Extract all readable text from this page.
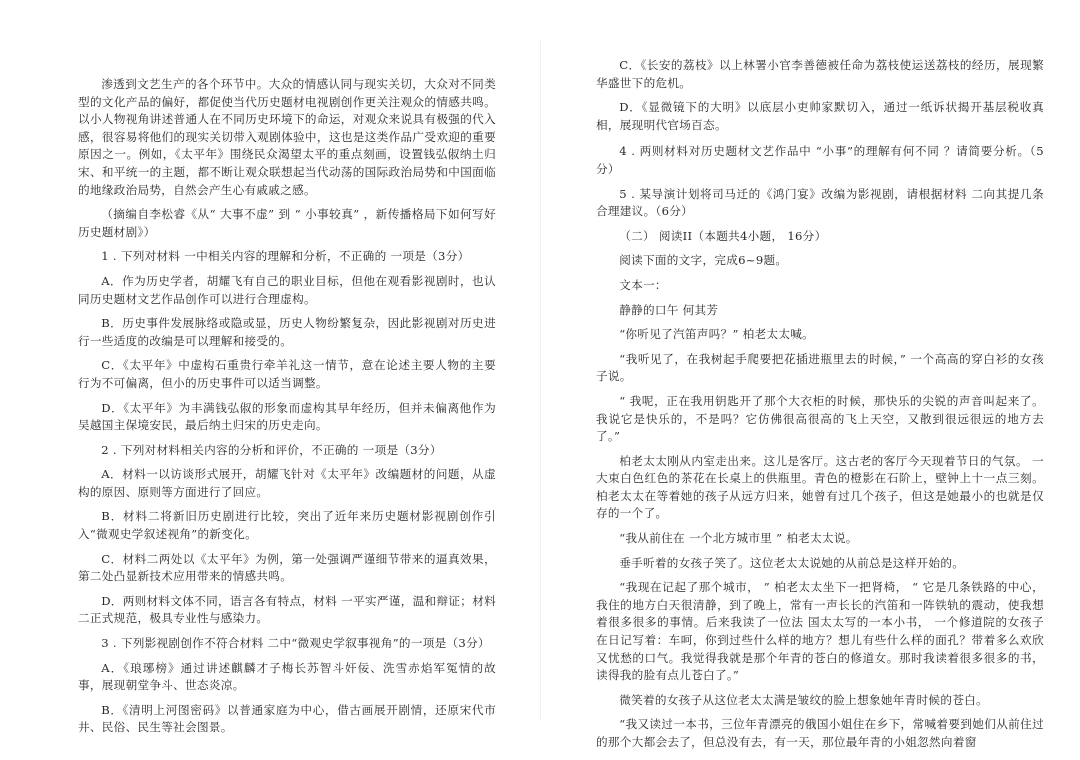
渗透到文艺生产的各个环节中。大众的情感认同与现实关切，大众对不同类型的文化产品的偏好，都促使当代历史题材电视剧创作更关注观众的情感共鸣。以小人物视角讲述普通人在不同历史环境下的命运，对观众来说具有极强的代入感，很容易将他们的现实关切带入观剧体验中，这也是这类作品广受欢迎的重要原因之一。例如，《太平年》围绕民众渴望太平的重点刻画，设置钱弘俶纳土归宋、和平统一的主题，都不断让观众联想起当代动荡的国际政治局势和中国面临的地缘政治局势，自然会产生心有戚戚之感。

（摘编自李松睿《从“ 大事不虚” 到 “ 小事较真” ，新传播格局下如何写好历史题材剧》）

1 . 下列对材料 一中相关内容的理解和分析，不正确的 一项是（3分）

A．作为历史学者，胡耀飞有自己的职业目标，但他在观看影视剧时，也认同历史题材文艺作品创作可以进行合理虚构。

B．历史事件发展脉络或隐或显，历史人物纷繁复杂，因此影视剧对历史进行一些适度的改编是可以理解和接受的。

C．《太平年》中虚构石重贵行牵羊礼这一情节，意在论述主要人物的主要行为不可偏离，但小的历史事件可以适当调整。

D．《太平年》为丰满钱弘俶的形象而虚构其早年经历，但并未偏离他作为吴越国主保境安民，最后纳土归宋的历史走向。

2 . 下列对材料相关内容的分析和评价，不正确的 一项是（3分）

A．材料一以访谈形式展开，胡耀飞针对《太平年》改编题材的问题，从虚构的原因、原则等方面进行了回应。

B．材料二将新旧历史剧进行比较，突出了近年来历史题材影视剧创作引入“微观史学叙述视角”的新变化。

C．材料二两处以《太平年》为例，第一处强调严谨细节带来的逼真效果，第二处凸显新技术应用带来的情感共鸣。

D．两则材料文体不同，语言各有特点，材料 一平实严谨，温和辩证；材料二正式规范，极具专业性与感染力。

3 . 下列影视剧创作不符合材料 二中“微观史学叙事视角”的一项是（3分）

A．《琅琊榜》通过讲述麒麟才子梅长苏智斗奸佞、洗雪赤焰军冤情的故事，展现朝堂争斗、世态炎凉。

B．《清明上河图密码》以普通家庭为中心，借古画展开剧情，还原宋代市井、民俗、民生等社会图景。

C．《长安的荔枝》以上林署小官李善德被任命为荔枝使运送荔枝的经历，展现繁华盛世下的危机。

D．《显微镜下的大明》以底层小吏帅家默切入，通过一纸诉状揭开基层税收真相，展现明代官场百态。

4 . 两则材料对历史题材文艺作品中 “小事”的理解有何不同 ？请简要分析。（5分）

5 . 某导演计划将司马迁的《鸿门宴》改编为影视剧，请根据材料 二向其提几条合理建议。（6分）

（二） 阅读II（本题共4小题， 16分）

阅读下面的文字，完成6~9题。

文本一：

静静的口午 何其芳

“你听见了汽笛声吗？” 柏老太太喊。

“我听见了，在我树起手爬要把花插进瓶里去的时候，” 一个高高的穿白衫的女孩子说。

“ 我呢，正在我用钥匙开了那个大衣柜的时候，那快乐的尖锐的声音叫起来了。我说它是快乐的，不是吗？它仿佛很高很高的飞上天空，又散到很远很远的地方去了。”

柏老太太刚从内室走出来。这儿是客厅。这古老的客厅今天现着节日的气氛。 一大束白色红色的茶花在长桌上的供瓶里。青色的橙影在石阶上，壁钟上十一点三刻。柏老太太在等着她的孩子从远方归来，她曾有过几个孩子，但这是她最小的也就是仅存的一个了。

“我从前住在 一个北方城市里 ” 柏老太太说。

垂手听着的女孩子笑了。这位老太太说她的从前总是这样开始的。

“我现在记起了那个城市， ” 柏老太太坐下一把肾椅， “ 它是几条铁路的中心，我住的地方白天很清静，到了晚上，常有一声长长的汽笛和一阵铁轨的震动，使我想着很多很多的事情。后来我读了一位法 国太太写的一本小书， 一个修道院的女孩子在日记写着：车呵，你到过些什么样的地方？想儿有些什么样的面孔？带着多么欢欣又忧愁的口气。我觉得我就是那个年青的苍白的修道女。那时我读着很多很多的书，读得我的脸有点儿苍白了。”

微笑着的女孩子从这位老太太满是皱纹的脸上想象她年青时候的苍白。

“我又读过一本书，三位年青漂亮的俄国小姐住在乡下，常喊着要到她们从前住过的那个大都会去了，但总没有去，有一天，那位最年青的小姐忽然向着窗
